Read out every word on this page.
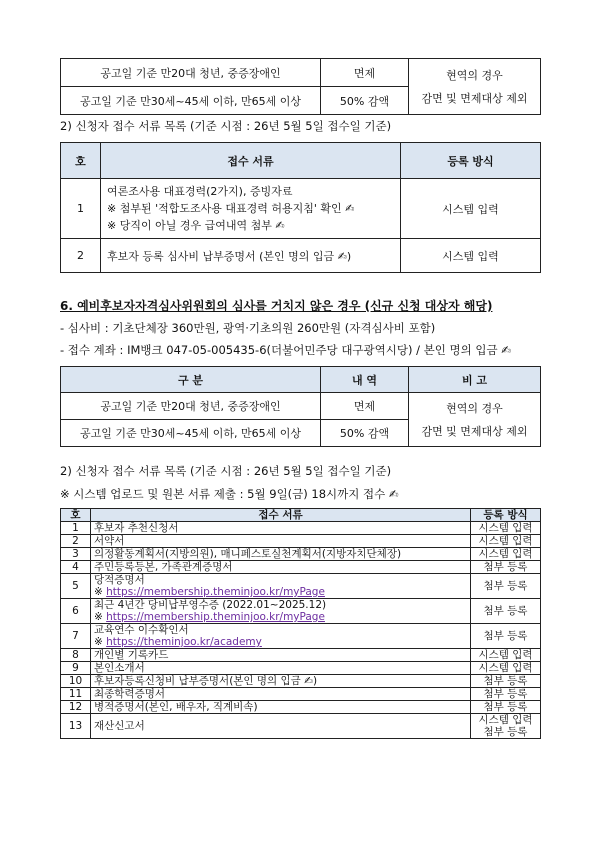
공고일 기준 만20대 청년, 중증장애인	면제	현역의 경우
감면 및 면제대상 제외

공고일 기준 만30세~45세 이하, 만65세 이상	50% 감액	
2) 신청자 접수 서류 목록 (기준 시점 : 26년 5월 5일 접수일 기준)
호	접수 서류	등록 방식
1	여론조사용 대표경력(2가지), 증빙자료
※ 첨부된 '적합도조사용 대표경력 허용지침' 확인 ✍
※ 당직이 아닐 경우 급여내역 첨부 ✍	시스템 입력
2	후보자 등록 심사비 납부증명서 (본인 명의 입금 ✍)	시스템 입력
6. 예비후보자자격심사위원회의 심사를 거치지 않은 경우 (신규 신청 대상자 해당)
- 심사비 : 기초단체장 360만원, 광역·기초의원 260만원 (자격심사비 포함)
- 접수 계좌 : IM뱅크 047-05-005435-6(더불어민주당 대구광역시당) / 본인 명의 입금 ✍
구 분	내 역	비 고
공고일 기준 만20대 청년, 중증장애인	면제	현역의 경우
감면 및 면제대상 제외

공고일 기준 만30세~45세 이하, 만65세 이상	50% 감액	
2) 신청자 접수 서류 목록 (기준 시점 : 26년 5월 5일 접수일 기준)
※ 시스템 업로드 및 원본 서류 제출 : 5월 9일(금) 18시까지 접수 ✍
호	접수 서류	등록 방식
1	후보자 추천신청서	시스템 입력
2	서약서	시스템 입력
3	의정활동계획서(지방의원), 매니페스토실천계획서(지방자치단체장)	시스템 입력
4	주민등록등본, 가족관계증명서	첨부 등록
5	당적증명서
※ https://membership.theminjoo.kr/myPage	첨부 등록
6	최근 4년간 당비납부영수증 (2022.01~2025.12)
※ https://membership.theminjoo.kr/myPage	첨부 등록
7	교육연수 이수확인서
※ https://theminjoo.kr/academy	첨부 등록
8	개인별 기록카드	시스템 입력
9	본인소개서	시스템 입력
10	후보자등록신청비 납부증명서(본인 명의 입금 ✍)	첨부 등록
11	최종학력증명서	첨부 등록
12	병적증명서(본인, 배우자, 직계비속)	첨부 등록
13	재산신고서	시스템 입력
첨부 등록
